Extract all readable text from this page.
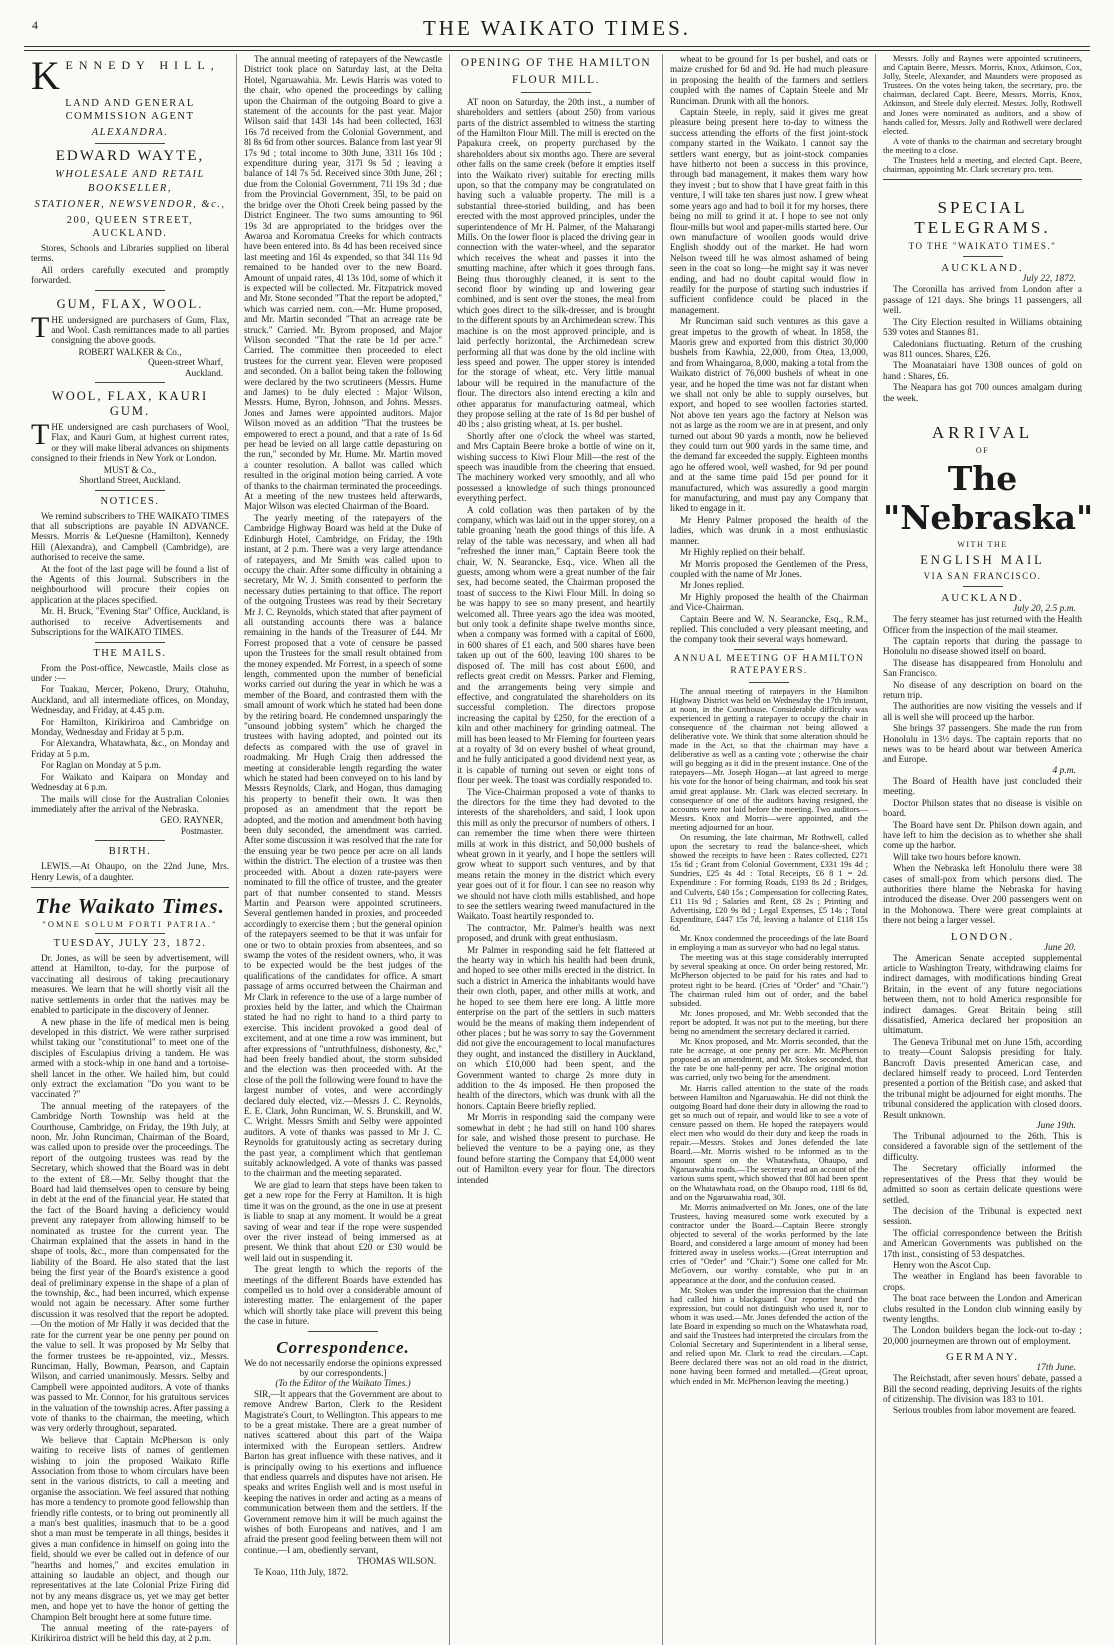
4	THE WAIKATO TIMES.
K ENNEDY HILL,
LAND AND GENERAL COMMISSION AGENT
ALEXANDRA.
EDWARD WAYTE,
WHOLESALE AND RETAIL BOOKSELLER,
STATIONER, NEWSVENDOR, &c.,
200, QUEEN STREET, AUCKLAND.

Stores, Schools and Libraries supplied on liberal terms.

All orders carefully executed and promptly forwarded.

GUM, FLAX, WOOL.

THE undersigned are purchasers of Gum, Flax, and Wool. Cash remittances made to all parties consigning the above goods.

ROBERT WALKER & Co.,

Queen-street Wharf,

Auckland.

WOOL, FLAX, KAURI GUM.

THE undersigned are cash purchasers of Wool, Flax, and Kauri Gum, at highest current rates, or they will make liberal advances on shipments consigned to their friends in New York or London.

MUST & Co.,

Shortland Street, Auckland.

NOTICES.

We remind subscribers to THE WAIKATO TIMES that all subscriptions are payable IN ADVANCE. Messrs. Morris & LeQuesne (Hamilton), Kennedy Hill (Alexandra), and Campbell (Cambridge), are authorised to receive the same.

At the foot of the last page will be found a list of the Agents of this Journal. Subscribers in the neighbourhood will procure their copies on application at the places specified.

Mr. H. Bruck, "Evening Star" Office, Auckland, is authorised to receive Advertisements and Subscriptions for the WAIKATO TIMES.

THE MAILS.

From the Post-office, Newcastle, Mails close as under :—

For Tuakau, Mercer, Pokeno, Drury, Otahuhu, Auckland, and all intermediate offices, on Monday, Wednesday, and Friday, at 4.45 p.m.

For Hamilton, Kirikiriroa and Cambridge on Monday, Wednesday and Friday at 5 p.m.

For Alexandra, Whatawhata, &c., on Monday and Friday at 5 p.m.

For Raglan on Monday at 5 p.m.

For Waikato and Kaipara on Monday and Wednesday at 6 p.m.

The mails will close for the Australian Colonies immediately after the arrival of the Nebraska.

GEO. RAYNER,

Postmaster.

BIRTH.

LEWIS.—At Ohaupo, on the 22nd June, Mrs. Henry Lewis, of a daughter.

The Waikato Times.
"OMNE SOLUM FORTI PATRIA."
TUESDAY, JULY 23, 1872.

Dr. Jones, as will be seen by advertisement, will attend at Hamilton, to-day, for the purpose of vaccinating all desirous of taking precautionary measures. We learn that he will shortly visit all the native settlements in order that the natives may be enabled to participate in the discovery of Jenner.

A new phase in the life of medical men is being developed in this district. We were rather surprised whilst taking our "constitutional" to meet one of the disciples of Esculapius driving a tandem. He was armed with a stock-whip in one hand and a tortoise-shell lancet in the other. We hailed him, but could only extract the exclamation "Do you want to be vaccinated ?"

The annual meeting of the ratepayers of the Cambridge North Township was held at the Courthouse, Cambridge, on Friday, the 19th July, at noon. Mr. John Runciman, Chairman of the Board, was called upon to preside over the proceedings. The report of the outgoing trustees was read by the Secretary, which showed that the Board was in debt to the extent of £8.—Mr. Selby thought that the Board had laid themselves open to censure by being in debt at the end of the financial year. He stated that the fact of the Board having a deficiency would prevent any ratepayer from allowing himself to be nominated as trustee for the current year. The Chairman explained that the assets in hand in the shape of tools, &c., more than compensated for the liability of the Board. He also stated that the last being the first year of the Board's existence a good deal of preliminary expense in the shape of a plan of the township, &c., had been incurred, which expense would not again be necessary. After some further discussion it was resolved that the report be adopted. —On the motion of Mr Hally it was decided that the rate for the current year be one penny per pound on the value to sell. It was proposed by Mr Selby that the former trustees be re-appointed, viz., Messrs. Runciman, Hally, Bowman, Pearson, and Captain Wilson, and carried unanimously. Messrs. Selby and Campbell were appointed auditors. A vote of thanks was passed to Mr. Connor, for his gratuitous services in the valuation of the township acres. After passing a vote of thanks to the chairman, the meeting, which was very orderly throughout, separated.

We believe that Captain McPherson is only waiting to receive lists of names of gentlemen wishing to join the proposed Waikato Rifle Association from those to whom circulars have been sent in the various districts, to call a meeting and organise the association. We feel assured that nothing has more a tendency to promote good fellowship than friendly rifle contests, or to bring out prominently all a man's best qualities, inasmuch that to be a good shot a man must be temperate in all things, besides it gives a man confidence in himself on going into the field, should we ever be called out in defence of our "hearths and homes," and excites emulation in attaining so laudable an object, and though our representatives at the late Colonial Prize Firing did not by any means disgrace us, yet we may get better men, and hope yet to have the honor of getting the Champion Belt brought here at some future time.

The annual meeting of the rate-payers of Kirikiriroa district will be held this day, at 2 p.m.

The annual meeting of ratepayers of the Newcastle District took place on Saturday last, at the Delta Hotel, Ngaruawahia. Mr. Lewis Harris was voted to the chair, who opened the proceedings by calling upon the Chairman of the outgoing Board to give a statement of the accounts for the past year. Major Wilson said that 143l 14s had been collected, 163l 16s 7d received from the Colonial Government, and 8l 8s 6d from other sources. Balance from last year 9l 17s 9d ; total income to 30th June, 331l 16s 10d ; expenditure during year, 317l 9s 5d ; leaving a balance of 14l 7s 5d. Received since 30th June, 26l ; due from the Colonial Government, 71l 19s 3d ; due from the Provincial Government, 35l, to be paid on the bridge over the Ohoti Creek being passed by the District Engineer. The two sums amounting to 96l 19s 3d are appropriated to the bridges over the Awaroa and Koromatua Creeks for which contracts have been entered into. 8s 4d has been received since last meeting and 16l 4s expended, so that 34l 11s 9d remained to be handed over to the new Board. Amount of unpaid rates, 4l 13s 10d, some of which it is expected will be collected. Mr. Fitzpatrick moved and Mr. Stone seconded "That the report be adopted," which was carried nem. con.—Mr. Hume proposed, and Mr. Martin seconded "That an acreage rate be struck." Carried. Mr. Byrom proposed, and Major Wilson seconded "That the rate be 1d per acre." Carried. The committee then proceeded to elect trustees for the current year. Eleven were proposed and seconded. On a ballot being taken the following were declared by the two scrutineers (Messrs. Hume and James) to be duly elected : Major Wilson, Messrs. Hume, Byron, Johnson, and Johns. Messrs. Jones and James were appointed auditors. Major Wilson moved as an addition "That the trustees be empowered to erect a pound, and that a rate of 1s 6d per head be levied on all large cattle depasturing on the run," seconded by Mr. Hume. Mr. Martin moved a counter resolution. A ballot was called which resulted in the original motion being carried. A vote of thanks to the chairman terminated the proceedings. At a meeting of the new trustees held afterwards, Major Wilson was elected Chairman of the Board.

The yearly meeting of the ratepayers of the Cambridge Highway Board was held at the Duke of Edinburgh Hotel, Cambridge, on Friday, the 19th instant, at 2 p.m. There was a very large attendance of ratepayers, and Mr Smith was called upon to occupy the chair. After some difficulty in obtaining a secretary, Mr W. J. Smith consented to perform the necessary duties pertaining to that office. The report of the outgoing Trustees was read by their Secretary Mr J. C. Reynolds, which stated that after payment of all outstanding accounts there was a balance remaining in the hands of the Treasurer of £44. Mr Forrest proposed that a vote of censure be passed upon the Trustees for the small result obtained from the money expended. Mr Forrest, in a speech of some length, commented upon the number of beneficial works carried out during the year in which he was a member of the Board, and contrasted them with the small amount of work which he stated had been done by the retiring board. He condemned unsparingly the "unsound jobbing system" which he charged the trustees with having adopted, and pointed out its defects as compared with the use of gravel in roadmaking. Mr Hugh Craig then addressed the meeting at considerable length regarding the water which he stated had been conveyed on to his land by Messrs Reynolds, Clark, and Hogan, thus damaging his property to benefit their own. It was then proposed as an amendment that the report be adopted, and the motion and amendment both having been duly seconded, the amendment was carried. After some discussion it was resolved that the rate for the ensuing year be two pence per acre on all lands within the district. The election of a trustee was then proceeded with. About a dozen rate-payers were nominated to fill the office of trustee, and the greater part of that number consented to stand. Messrs Martin and Pearson were appointed scrutineers. Several gentlemen handed in proxies, and proceeded accordingly to exercise them ; but the general opinion of the ratepayers seemed to be that it was unfair for one or two to obtain proxies from absentees, and so swamp the votes of the resident owners, who, it was to be expected would be the best judges of the qualifications of the candidates for office. A smart passage of arms occurred between the Chairman and Mr Clark in reference to the use of a large number of proxies held by the latter, and which the Chairman stated he had no right to hand to a third party to exercise. This incident provoked a good deal of excitement, and at one time a row was imminent, but after expressions of "untruthfulness, dishonesty, &c," had been freely bandied about, the storm subsided and the election was then proceeded with. At the close of the poll the following were found to have the largest number of votes, and were accordingly declared duly elected, viz.—Messrs J. C. Reynolds, E. E. Clark, John Runciman, W. S. Brunskill, and W. C. Wright. Messrs Smith and Selby were appointed auditors. A vote of thanks was passed to Mr J. C. Reynolds for gratuitously acting as secretary during the past year, a compliment which that gentleman suitably acknowledged. A vote of thanks was passed to the chairman and the meeting separated.

We are glad to learn that steps have been taken to get a new rope for the Ferry at Hamilton. It is high time it was on the ground, as the one in use at present is liable to snap at any moment. It would be a great saving of wear and tear if the rope were suspended over the river instead of being immersed as at present. We think that about £20 or £30 would be well laid out in suspending it.

The great length to which the reports of the meetings of the different Boards have extended has compelled us to hold over a considerable amount of interesting matter. The enlargement of the paper which will shortly take place will prevent this being the case in future.

Correspondence.

We do not necessarily endorse the opinions expressed by our correspondents.]

(To the Editor of the Waikato Times.)

SIR,—It appears that the Government are about to remove Andrew Barton, Clerk to the Resident Magistrate's Court, to Wellington. This appears to me to be a great mistake. There are a great number of natives scattered about this part of the Waipa intermixed with the European settlers. Andrew Barton has great influence with these natives, and it is principally owing to his exertions and influence that endless quarrels and disputes have not arisen. He speaks and writes English well and is most useful in keeping the natives in order and acting as a means of communication between them and the settlers. If the Government remove him it will be much against the wishes of both Europeans and natives, and I am afraid the present good feeling between them will not continue.—I am, obediently servant,

THOMAS WILSON.

Te Koao, 11th July, 1872.

OPENING OF THE HAMILTON
FLOUR MILL.

AT noon on Saturday, the 20th inst., a number of shareholders and settlers (about 250) from various parts of the district assembled to witness the starting of the Hamilton Flour Mill. The mill is erected on the Papakura creek, on property purchased by the shareholders about six months ago. There are several other falls on the same creek (before it empties itself into the Waikato river) suitable for erecting mills upon, so that the company may be congratulated on having such a valuable property. The mill is a substantial three-storied building, and has been erected with the most approved principles, under the superintendence of Mr H. Palmer, of the Maharangi Mills. On the lower floor is placed the driving gear in connection with the water-wheel, and the separator which receives the wheat and passes it into the smutting machine, after which it goes through fans. Being thus thoroughly cleaned, it is sent to the second floor by winding up and lowering gear combined, and is sent over the stones, the meal from which goes direct to the silk-dresser, and is brought to the different spouts by an Archimedean screw. This machine is on the most approved principle, and is laid perfectly horizontal, the Archimedean screw performing all that was done by the old incline with less speed and power. The upper storey is intended for the storage of wheat, etc. Very little manual labour will be required in the manufacture of the flour. The directors also intend erecting a kiln and other apparatus for manufacturing oatmeal, which they propose selling at the rate of 1s 8d per bushel of 40 lbs ; also gristing wheat, at 1s. per bushel.

Shortly after one o'clock the wheel was started, and Mrs Captain Beere broke a bottle of wine on it, wishing success to Kiwi Flour Mill—the rest of the speech was inaudible from the cheering that ensued. The machinery worked very smoothly, and all who possessed a knowledge of such things pronounced everything perfect.

A cold collation was then partaken of by the company, which was laid out in the upper storey, on a table groaning 'neath the good things of this life. A relay of the table was necessary, and when all had "refreshed the inner man," Captain Beere took the chair, W. N. Searancke, Esq., vice. When all the guests, among whom were a great number of the fair sex, had become seated, the Chairman proposed the toast of success to the Kiwi Flour Mill. In doing so he was happy to see so many present, and heartily welcomed all. Three years ago the idea was mooted, but only took a definite shape twelve months since, when a company was formed with a capital of £600, in 600 shares of £1 each, and 500 shares have been taken up out of the 600, leaving 100 shares to be disposed of. The mill has cost about £600, and reflects great credit on Messrs. Parker and Fleming, and the arrangements being very simple and effective, and congratulated the shareholders on its successful completion. The directors propose increasing the capital by £250, for the erection of a kiln and other machinery for grinding oatmeal. The mill has been leased to Mr Fleming for fourteen years at a royalty of 3d on every bushel of wheat ground, and he fully anticipated a good dividend next year, as it is capable of turning out seven or eight tons of flour per week. The toast was cordially responded to.

The Vice-Chairman proposed a vote of thanks to the directors for the time they had devoted to the interests of the shareholders, and said, I look upon this mill as only the precursor of numbers of others. I can remember the time when there were thirteen mills at work in this district, and 50,000 bushels of wheat grown in it yearly, and I hope the settlers will grow wheat to support such ventures, and by that means retain the money in the district which every year goes out of it for flour. I can see no reason why we should not have cloth mills established, and hope to see the settlers wearing tweed manufactured in the Waikato. Toast heartily responded to.

The contractor, Mr. Palmer's health was next proposed, and drunk with great enthusiasm.

Mr Palmer in responding said he felt flattered at the hearty way in which his health had been drunk, and hoped to see other mills erected in the district. In such a district in America the inhabitants would have their own cloth, paper, and other mills at work, and he hoped to see them here ere long. A little more enterprise on the part of the settlers in such matters would be the means of making them independent of other places ; but he was sorry to say the Government did not give the encouragement to local manufactures they ought, and instanced the distillery in Auckland, on which £10,000 had been spent, and the Government wanted to charge 2s more duty in addition to the 4s imposed. He then proposed the health of the directors, which was drunk with all the honors. Captain Beere briefly replied.

Mr Morris in responding said the company were somewhat in debt ; he had still on hand 100 shares for sale, and wished those present to purchase. He believed the venture to be a paying one, as they found before starting the Company that £4,000 went out of Hamilton every year for flour. The directors intended

wheat to be ground for 1s per bushel, and oats or maize crushed for 6d and 9d. He had much pleasure in proposing the health of the farmers and settlers coupled with the names of Captain Steele and Mr Runciman. Drunk with all the honors.

Captain Steele, in reply, said it gives me great pleasure being present here to-day to witness the success attending the efforts of the first joint-stock company started in the Waikato. I cannot say the settlers want energy, but as joint-stock companies have hitherto not been a success in this province, through bad management, it makes them wary how they invest ; but to show that I have great faith in this venture, I will take ten shares just now. I grew wheat some years ago and had to boil it for my horses, there being no mill to grind it at. I hope to see not only flour-mills but wool and paper-mills started here. Our own manufacture of woollen goods would drive English shoddy out of the market. He had worn Nelson tweed till he was almost ashamed of being seen in the coat so long—he might say it was never ending, and had no doubt capital would flow in readily for the purpose of starting such industries if sufficient confidence could be placed in the management.

Mr Runciman said such ventures as this gave a great impetus to the growth of wheat. In 1858, the Maoris grew and exported from this district 30,000 bushels from Kawhia, 22,000, from Otea, 13,000, and from Whaingaroa, 8,000, making a total from the Waikato district of 76,000 bushels of wheat in one year, and he hoped the time was not far distant when we shall not only be able to supply ourselves, but export, and hoped to see woollen factories started. Not above ten years ago the factory at Nelson was not as large as the room we are in at present, and only turned out about 90 yards a month, now he believed they could turn out 900 yards in the same time, and the demand far exceeded the supply. Eighteen months ago he offered wool, well washed, for 9d per pound and at the same time paid 15d per pound for it manufactured, which was assuredly a good margin for manufacturing, and must pay any Company that liked to engage in it.

Mr Henry Palmer proposed the health of the ladies, which was drunk in a most enthusiastic manner.

Mr Highly replied on their behalf.

Mr Morris proposed the Gentlemen of the Press, coupled with the name of Mr Jones.

Mr Jones replied.

Mr Highly proposed the health of the Chairman and Vice-Chairman.

Captain Beere and W. N. Searancke, Esq., R.M., replied. This concluded a very pleasant meeting, and the company took their several ways homeward.

ANNUAL MEETING OF HAMILTON RATEPAYERS.

The annual meeting of ratepayers in the Hamilton Highway District was held on Wednesday the 17th instant, at noon, in the Courthouse. Considerable difficulty was experienced in getting a ratepayer to occupy the chair in consequence of the chairman not being allowed a deliberative vote. We think that some alteration should be made in the Act, so that the chairman may have a deliberative as well as a casting vote ; otherwise the chair will go begging as it did in the present instance. One of the ratepayers—Mr. Joseph Hogan—at last agreed to merge his vote for the honor of being chairman, and took his seat amid great applause. Mr. Clark was elected secretary. In consequence of one of the auditors having resigned, the accounts were not laid before the meeting. Two auditors—Messrs. Knox and Morris—were appointed, and the meeting adjourned for an hour.

On resuming, the late chairman, Mr Rothwell, called upon the secretary to read the balance-sheet, which showed the receipts to have been : Rates collected, £271 15s 6d ; Grant from Colonial Government, £331 19s 4d ; Sundries, £25 4s 4d : Total Receipts, £6 8 1 = 2d. Expenditure : For forming Roads, £193 8s 2d ; Bridges, and Culverts, £40 15s ; Compensation for collecting Rates, £11 11s 9d ; Salaries and Rent, £8 2s ; Printing and Advertising, £20 9s 8d ; Legal Expenses, £5 14s ; Total Expenditure, £447 15s 7d, leaving a balance of £118 15s 6d.

Mr. Knox condemned the proceedings of the late Board in employing a man as surveyor who had no legal status.

The meeting was at this stage considerably interrupted by several speaking at once. On order being restored, Mr. McPherson objected to be paid for his rates and had to protest right to be heard. (Cries of "Order" and "Chair.") The chairman ruled him out of order, and the babel subsided.

Mr. Jones proposed, and Mr. Webb seconded that the report be adopted. It was not put to the meeting, but there being no amendment the secretary declared it carried.

Mr. Knox proposed, and Mr. Morris seconded, that the rate be acreage, at one penny per acre. Mr. McPherson proposed as an amendment, and Mr. Stokes seconded, that the rate be one half-penny per acre. The original motion was carried, only two being for the amendment.

Mr. Harris called attention to the state of the roads between Hamilton and Ngaruawahia. He did not think the outgoing Board had done their duty in allowing the road to get so much out of repair, and would like to see a vote of censure passed on them. He hoped the ratepayers would elect men who would do their duty and keep the roads in repair.—Messrs. Stokes and Jones defended the late Board.—Mr. Morris wished to be informed as to the amount spent on the Whatawhata, Ohaupo, and Ngaruawahia roads.—The secretary read an account of the various sums spent, which showed that 80l had been spent on the Whatawhata road, on the Ohaupo road, 118l 6s 8d, and on the Ngaruawahia road, 30l.

Mr. Morris animadverted on Mr. Jones, one of the late Trustees, having measured some work executed by a contractor under the Board.—Captain Beere strongly objected to several of the works performed by the late Board, and considered a large amount of money had been frittered away in useless works.—(Great interruption and cries of "Order" and "Chair.") Some one called for Mr. McGovern, our worthy constable, who put in an appearance at the door, and the confusion ceased.

Mr. Stokes was under the impression that the chairman had called him a blackguard. Our reporter heard the expression, but could not distinguish who used it, nor to whom it was used.—Mr. Jones defended the action of the late Board in expending so much on the Whatawhata road, and said the Trustees had interpreted the circulars from the Colonial Secretary and Superintendent in a liberal sense, and relied upon Mr. Clark to read the circulars.—Capt. Beere declared there was not an old road in the district, none having been formed and metalled.—(Great uproar, which ended in Mr. McPherson leaving the meeting.)

Messrs. Jolly and Raynes were appointed scrutineers, and Captain Beere, Messrs. Morris, Knox, Atkinson, Cox, Jolly, Steele, Alexander, and Maunders were proposed as Trustees. On the votes being taken, the secretary, pro. the chairman, declared Capt. Beere, Messrs. Morris, Knox, Atkinson, and Steele duly elected. Messrs. Jolly, Rothwell and Jones were nominated as auditors, and a show of hands called for, Messrs. Jolly and Rothwell were declared elected.

A vote of thanks to the chairman and secretary brought the meeting to a close.

The Trustees held a meeting, and elected Capt. Beere, chairman, appointing Mr. Clark secretary pro. tem.

SPECIAL TELEGRAMS.
TO THE "WAIKATO TIMES."
AUCKLAND.
July 22, 1872.

The Coronilla has arrived from London after a passage of 121 days. She brings 11 passengers, all well.

The City Election resulted in Williams obtaining 539 votes and Stannes 81.

Caledonians fluctuating. Return of the crushing was 811 ounces. Shares, £26.

The Moanataiari have 1308 ounces of gold on hand : Shares, £6.

The Neapara has got 700 ounces amalgam during the week.

ARRIVAL
OF
The "Nebraska"
WITH THE
ENGLISH MAIL
VIA SAN FRANCISCO.
AUCKLAND.
July 20, 2.5 p.m.

The ferry steamer has just returned with the Health Officer from the inspection of the mail steamer.

The captain reports that during the passage to Honolulu no disease showed itself on board.

The disease has disappeared from Honolulu and San Francisco.

No disease of any description on board on the return trip.

The authorities are now visiting the vessels and if all is well she will proceed up the harbor.

She brings 37 passengers. She made the run from Honolulu in 13½ days. The captain reports that no news was to be heard about war between America and Europe.

4 p.m.

The Board of Health have just concluded their meeting.

Doctor Philson states that no disease is visible on board.

The Board have sent Dr. Philson down again, and have left to him the decision as to whether she shall come up the harbor.

Will take two hours before known.

When the Nebraska left Honolulu there were 38 cases of small-pox from which persons died. The authorities there blame the Nebraska for having introduced the disease. Over 200 passengers went on in the Mohonowa. There were great complaints at there not being a larger vessel.

LONDON.
June 20.

The American Senate accepted supplemental article to Washington Treaty, withdrawing claims for indirect damages, with modifications binding Great Britain, in the event of any future negociations between them, not to hold America responsible for indirect damages. Great Britain being still dissatisfied, America declared her proposition an ultimatum.

The Geneva Tribunal met on June 15th, according to treaty—Count Salopsis presiding for Italy. Bancroft Davis presented American case, and declared himself ready to proceed. Lord Tenterden presented a portion of the British case, and asked that the tribunal might be adjourned for eight months. The tribunal considered the application with closed doors. Result unknown.

June 19th.

The Tribunal adjourned to the 26th. This is considered a favorable sign of the settlement of the difficulty.

The Secretary officially informed the representatives of the Press that they would be admitted so soon as certain delicate questions were settled.

The decision of the Tribunal is expected next session.

The official correspondence between the British and American Governments was published on the 17th inst., consisting of 53 despatches.

Henry won the Ascot Cup.

The weather in England has been favorable to crops.

The boat race between the London and American clubs resulted in the London club winning easily by twenty lengths.

The London builders began the lock-out to-day ; 20,000 journeymen are thrown out of employment.

GERMANY.
17th June.

The Reichstadt, after seven hours' debate, passed a Bill the second reading, depriving Jesuits of the rights of citizenship. The division was 183 to 101.

Serious troubles from labor movement are feared.
